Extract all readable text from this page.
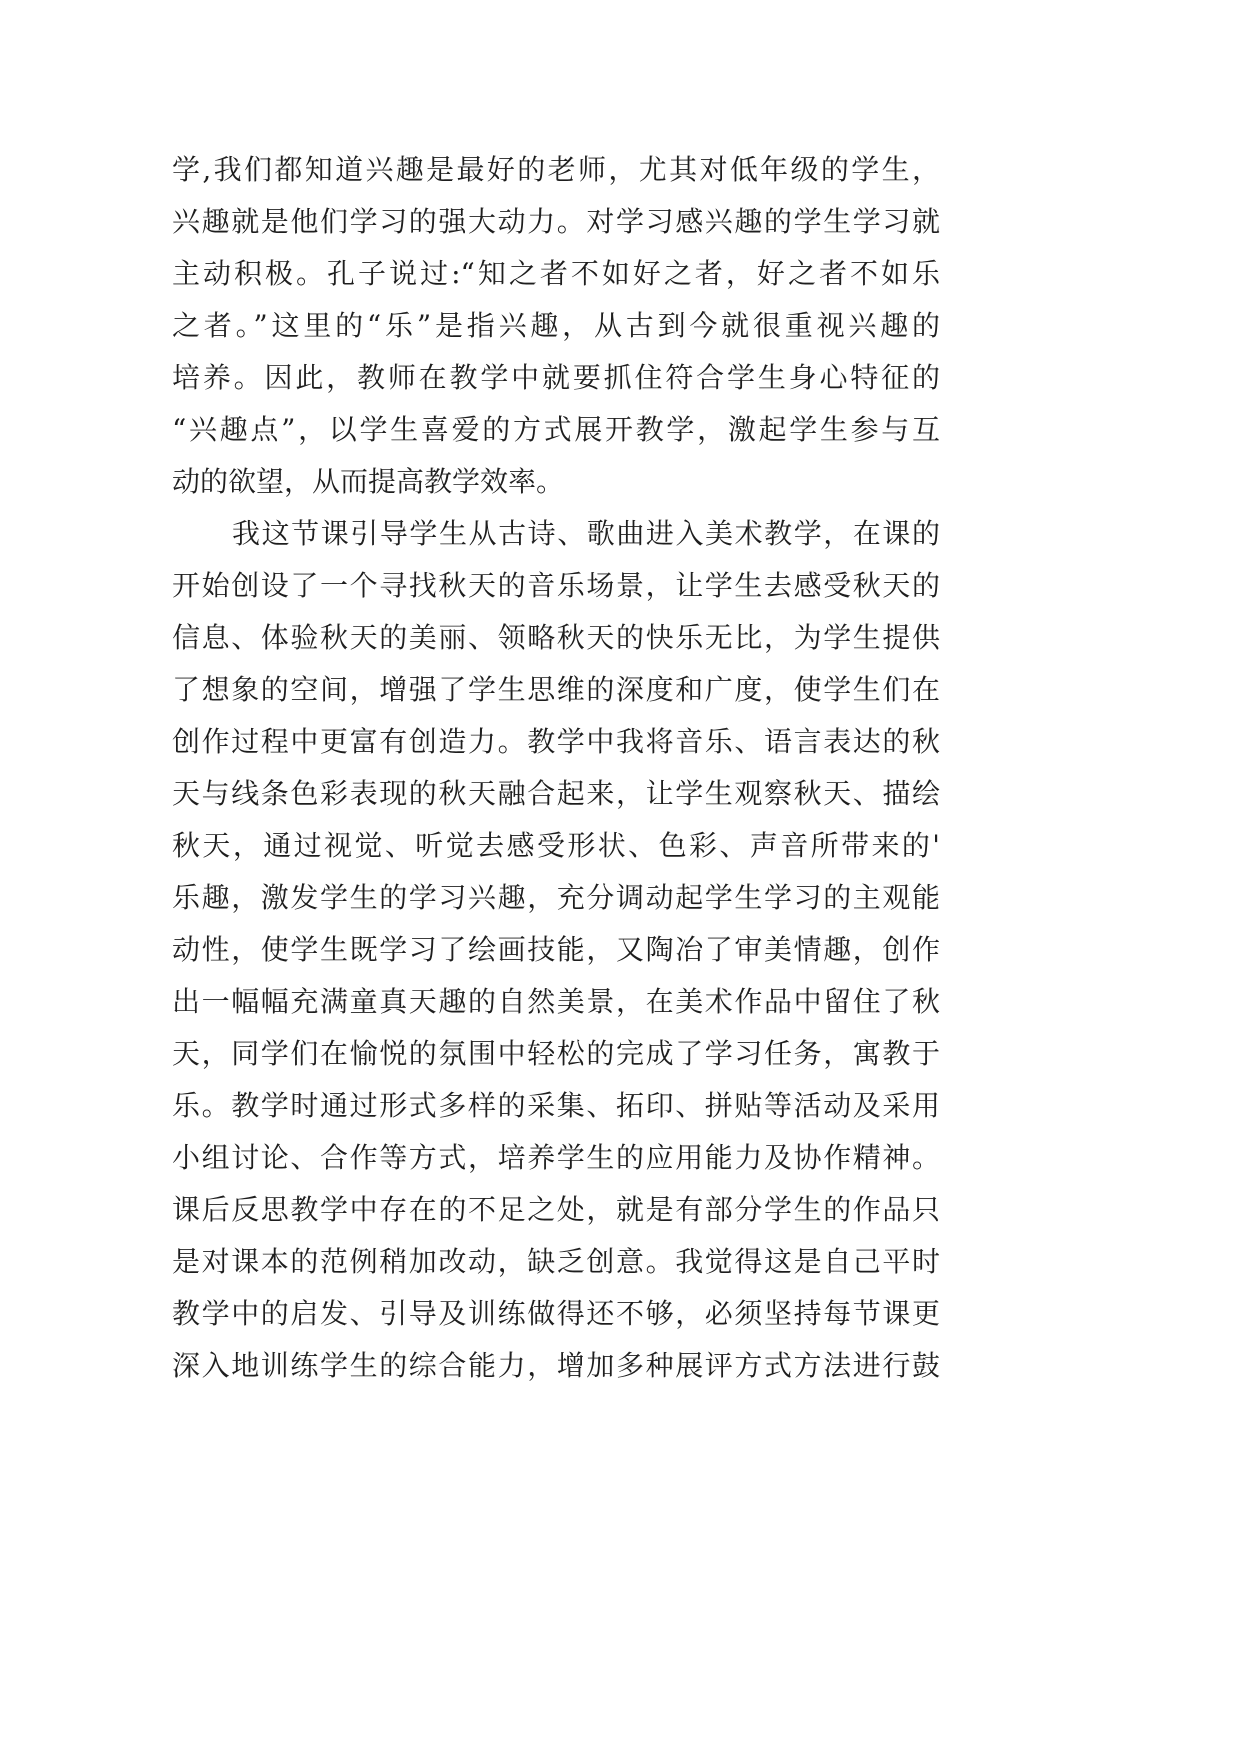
学,我们都知道兴趣是最好的老师，尤其对低年级的学生，
兴趣就是他们学习的强大动力。对学习感兴趣的学生学习就
主动积极。孔子说过:“知之者不如好之者，好之者不如乐
之者。”这里的“乐”是指兴趣，从古到今就很重视兴趣的
培养。因此，教师在教学中就要抓住符合学生身心特征的
“兴趣点”，以学生喜爱的方式展开教学，激起学生参与互
动的欲望，从而提高教学效率。
我这节课引导学生从古诗、歌曲进入美术教学，在课的
开始创设了一个寻找秋天的音乐场景，让学生去感受秋天的
信息、体验秋天的美丽、领略秋天的快乐无比，为学生提供
了想象的空间，增强了学生思维的深度和广度，使学生们在
创作过程中更富有创造力。教学中我将音乐、语言表达的秋
天与线条色彩表现的秋天融合起来，让学生观察秋天、描绘
秋天，通过视觉、听觉去感受形状、色彩、声音所带来的'
乐趣，激发学生的学习兴趣，充分调动起学生学习的主观能
动性，使学生既学习了绘画技能，又陶冶了审美情趣，创作
出一幅幅充满童真天趣的自然美景，在美术作品中留住了秋
天，同学们在愉悦的氛围中轻松的完成了学习任务，寓教于
乐。教学时通过形式多样的采集、拓印、拼贴等活动及采用
小组讨论、合作等方式，培养学生的应用能力及协作精神。
课后反思教学中存在的不足之处，就是有部分学生的作品只
是对课本的范例稍加改动，缺乏创意。我觉得这是自己平时
教学中的启发、引导及训练做得还不够，必须坚持每节课更
深入地训练学生的综合能力，增加多种展评方式方法进行鼓
